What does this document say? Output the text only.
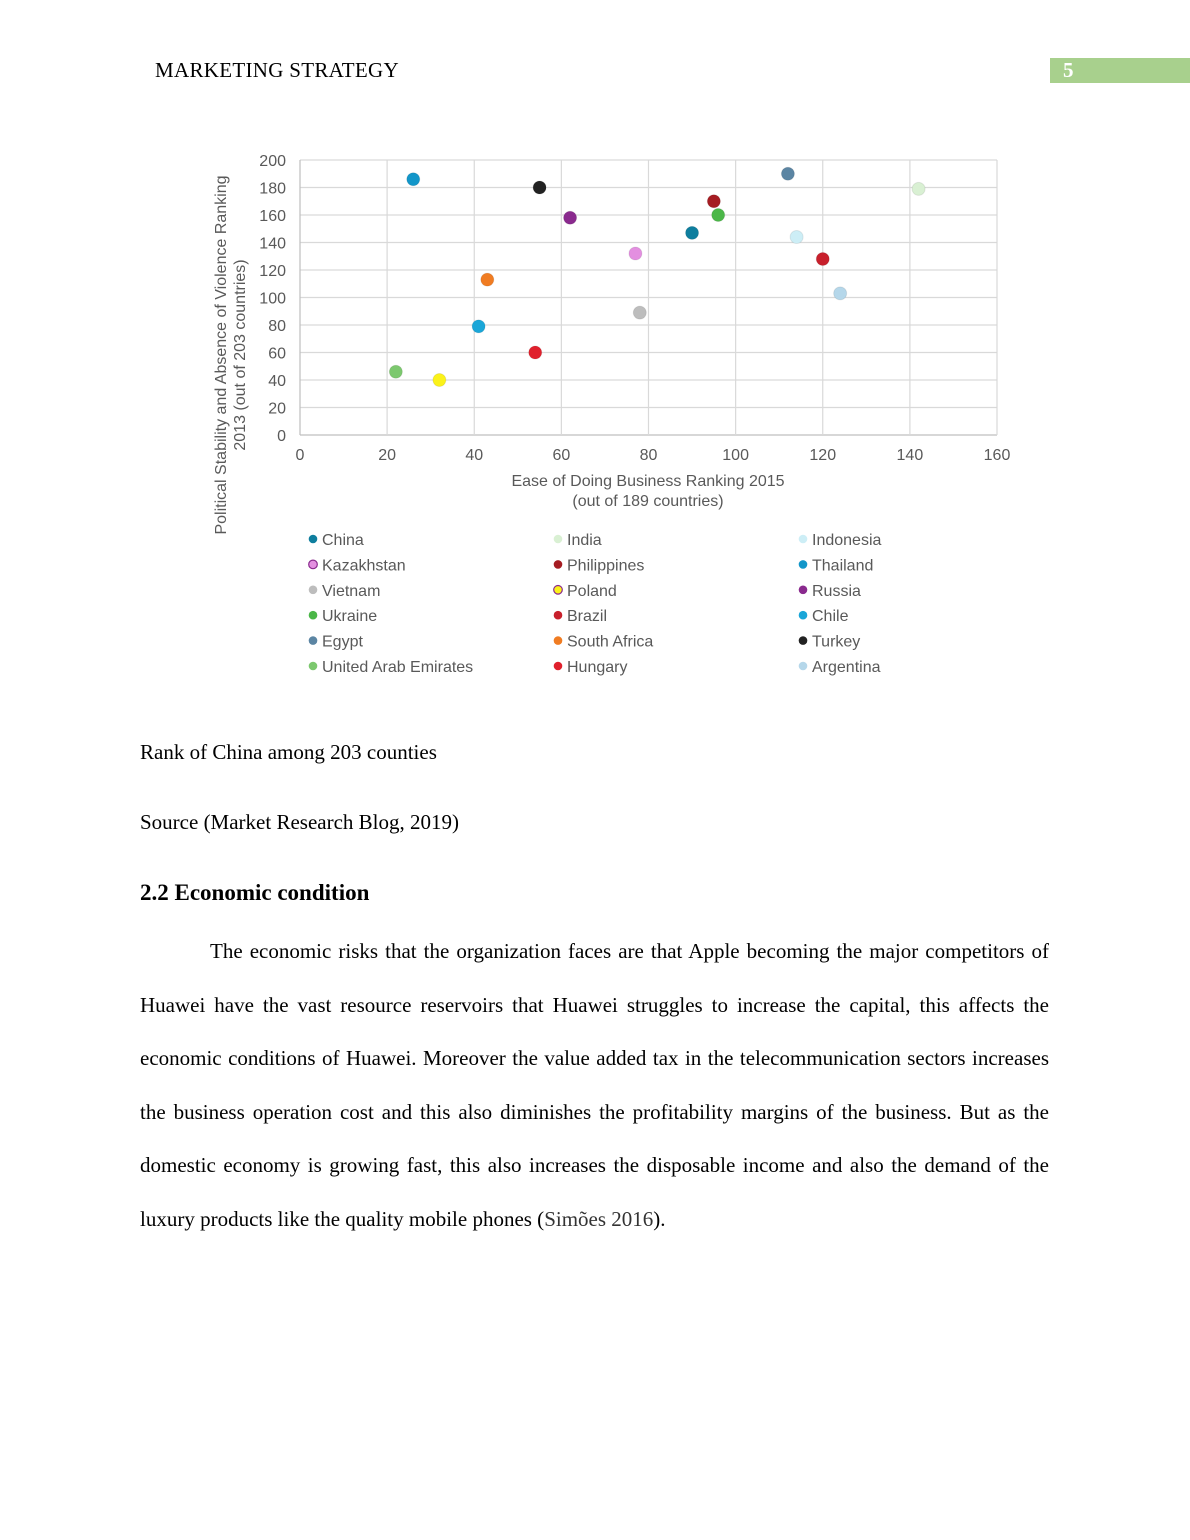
MARKETING STRATEGY	5
0	20	40	60	80	100	120	140	160
0
20
40
60
80
100
120
140
160
180
200
Political Stability and Absence of Violence Ranking 2013 (out of 203 countries)
Ease of Doing Business Ranking 2015
(out of 189 countries)
China	India	Indonesia
Kazakhstan	Philippines	Thailand
Vietnam	Poland	Russia
Ukraine	Brazil	Chile
Egypt	South Africa	Turkey
United Arab Emirates	Hungary	Argentina
Rank of China among 203 counties
Source (Market Research Blog, 2019)
2.2 Economic condition
The economic risks that the organization faces are that Apple becoming the major competitors of Huawei have the vast resource reservoirs that Huawei struggles to increase the capital, this affects the economic conditions of Huawei. Moreover the value added tax in the telecommunication sectors increases the business operation cost and this also diminishes the profitability margins of the business. But as the domestic economy is growing fast, this also increases the disposable income and also the demand of the luxury products like the quality mobile phones (Simões 2016).
